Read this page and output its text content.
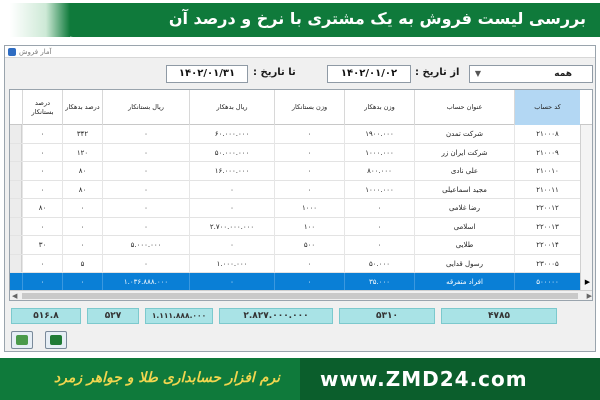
بررسی لیست فروش به یک مشتری با نرخ و درصد آن
آمار فروش
همه
▼
از تاریخ :
۱۴۰۲/۰۱/۰۲
تا تاریخ :
۱۴۰۲/۰۱/۳۱
کد حساب
عنوان حساب
وزن بدهکار
وزن بستانکار
ریال بدهکار
ریال بستانکار
درصد بدهکار
درصد بستانکار
۲۱۰۰۰۸
شرکت تمدن
۱۹۰۰.۰۰۰
۰
۶۰.۰۰۰.۰۰۰
۰
۳۴۲
۰
۲۱۰۰۰۹
شرکت ایران زر
۱۰۰۰.۰۰۰
۰
۵۰.۰۰۰.۰۰۰
۰
۱۲۰
۰
۲۱۰۰۱۰
علی نادی
۸۰۰.۰۰۰
۰
۱۶.۰۰۰.۰۰۰
۰
۸۰
۰
۲۱۰۰۱۱
مجید اسماعیلی
۱۰۰۰.۰۰۰
۰
۰
۰
۸۰
۰
۲۲۰۰۱۲
رضا غلامی
۰
۱۰۰۰
۰
۰
۰
۸۰
۲۲۰۰۱۳
اسلامی
۰
۱۰۰
۲.۷۰۰.۰۰۰.۰۰۰
۰
۰
۰
۲۲۰۰۱۴
طلایی
۰
۵۰۰
۰
۵.۰۰۰.۰۰۰
۰
۳۰
۲۳۰۰۰۵
رسول قدایی
۵۰.۰۰۰
۰
۱.۰۰۰.۰۰۰
۰
۵
۰
۵۰۰۰۰۰
افراد متفرقه
۳۵.۰۰۰
۰
۰
۱.۰۳۶.۸۸۸.۰۰۰
۰
۰	▶
◀	▶
۴۷۸۵
۵۳۱۰
۲.۸۲۷.۰۰۰.۰۰۰
۱.۱۱۱.۸۸۸.۰۰۰
۵۲۷
۵۱۶.۸
www.ZMD24.com
نرم افزار حسابداری طلا و جواهر زمرد
